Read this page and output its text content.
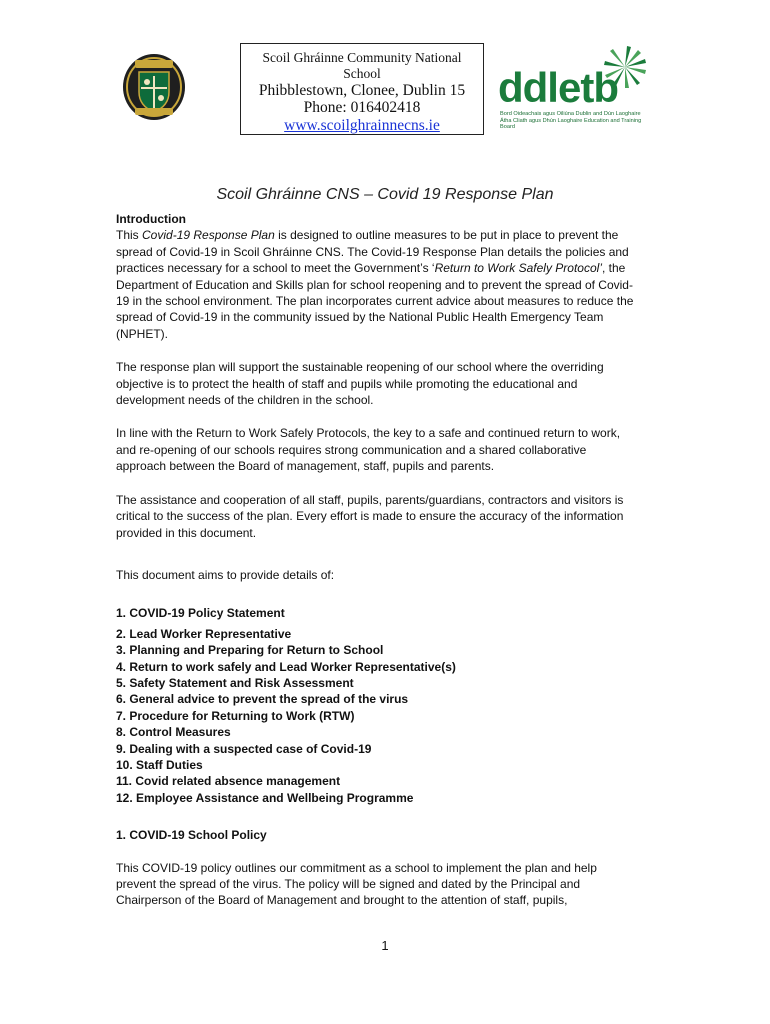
Scoil Ghráinne Community National
School
Phibblestown, Clonee, Dublin 15
Phone: 016402418
www.scoilghrainnecns.ie
ddletb
Bord Oideachais agus Oiliúna Dublin and Dún Laoghaire
Átha Cliath agus Dhún Laoghaire Education and Training Board
Scoil Ghráinne CNS – Covid 19 Response Plan

Introduction

This Covid-19 Response Plan is designed to outline measures to be put in place to prevent the spread of Covid-19 in Scoil Ghráinne CNS. The Covid-19 Response Plan details the policies and practices necessary for a school to meet the Government’s ‘Return to Work Safely Protocol’, the Department of Education and Skills plan for school reopening and to prevent the spread of Covid-19 in the school environment. The plan incorporates current advice about measures to reduce the spread of Covid-19 in the community issued by the National Public Health Emergency Team (NPHET).

The response plan will support the sustainable reopening of our school where the overriding objective is to protect the health of staff and pupils while promoting the educational and development needs of the children in the school.

In line with the Return to Work Safely Protocols, the key to a safe and continued return to work, and re-opening of our schools requires strong communication and a shared collaborative approach between the Board of management, staff, pupils and parents.

The assistance and cooperation of all staff, pupils, parents/guardians, contractors and visitors is critical to the success of the plan. Every effort is made to ensure the accuracy of the information provided in this document.

This document aims to provide details of:

1. COVID-19 Policy Statement
2. Lead Worker Representative
3. Planning and Preparing for Return to School
4. Return to work safely and Lead Worker Representative(s)
5. Safety Statement and Risk Assessment
6. General advice to prevent the spread of the virus
7. Procedure for Returning to Work (RTW)
8. Control Measures
9. Dealing with a suspected case of Covid-19
10. Staff Duties
11. Covid related absence management
12. Employee Assistance and Wellbeing Programme

1. COVID-19 School Policy

This COVID-19 policy outlines our commitment as a school to implement the plan and help prevent the spread of the virus. The policy will be signed and dated by the Principal and Chairperson of the Board of Management and brought to the attention of staff, pupils,

1
